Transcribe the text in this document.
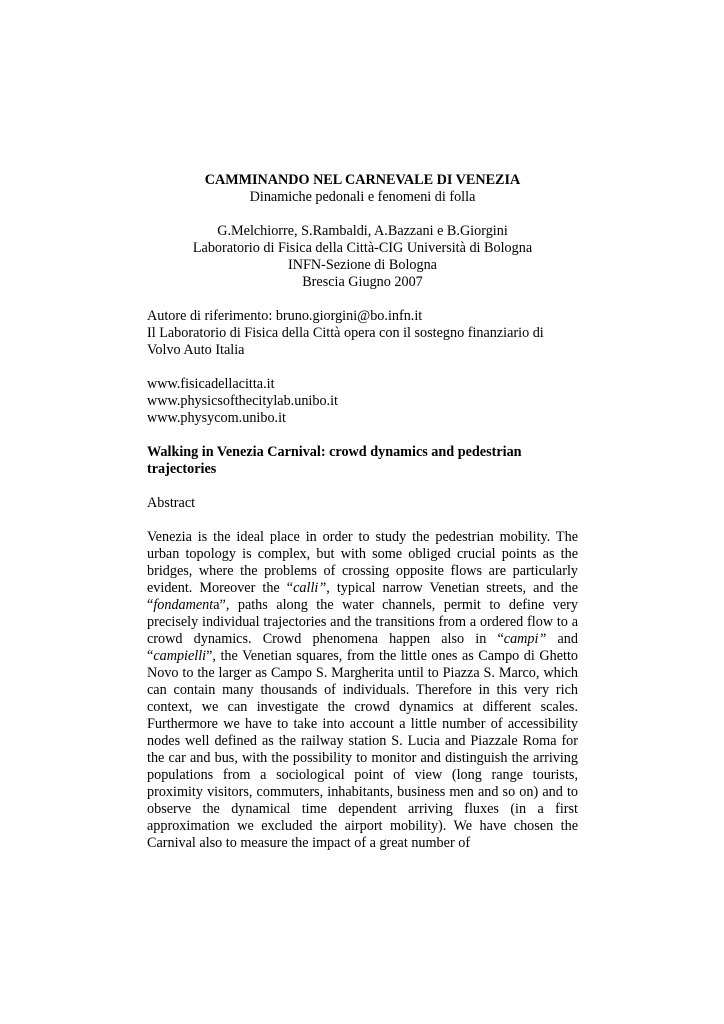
CAMMINANDO NEL CARNEVALE DI VENEZIA
Dinamiche pedonali e fenomeni di folla
G.Melchiorre, S.Rambaldi, A.Bazzani e B.Giorgini
Laboratorio di Fisica della Città-CIG Università di Bologna
INFN-Sezione di Bologna
Brescia Giugno 2007
Autore di riferimento: bruno.giorgini@bo.infn.it
Il Laboratorio di Fisica della Città opera con il sostegno finanziario di Volvo Auto Italia
www.fisicadellacitta.it
www.physicsofthecitylab.unibo.it
www.physycom.unibo.it
Walking in Venezia Carnival: crowd dynamics and pedestrian trajectories
Abstract
Venezia is the ideal place in order to study the pedestrian mobility. The urban topology is complex, but with some obliged crucial points as the bridges, where the problems of crossing opposite flows are particularly evident. Moreover the “calli”, typical narrow Venetian streets, and the “fondamenta”, paths along the water channels, permit to define very precisely individual trajectories and the transitions from a ordered flow to a crowd dynamics. Crowd phenomena happen also in “campi” and “campielli”, the Venetian squares, from the little ones as Campo di Ghetto Novo to the larger as Campo S. Margherita until to Piazza S. Marco, which can contain many thousands of individuals. Therefore in this very rich context, we can investigate the crowd dynamics at different scales. Furthermore we have to take into account a little number of accessibility nodes well defined as the railway station S. Lucia and Piazzale Roma for the car and bus, with the possibility to monitor and distinguish the arriving populations from a sociological point of view (long range tourists, proximity visitors, commuters, inhabitants, business men and so on) and to observe the dynamical time dependent arriving fluxes (in a first approximation we excluded the airport mobility). We have chosen the Carnival also to measure the impact of a great number of
